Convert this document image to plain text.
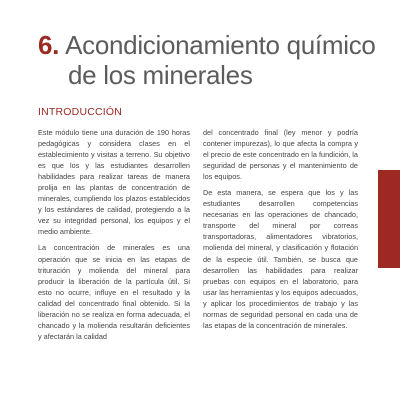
6. Acondicionamiento químico
de los minerales
INTRODUCCIÓN

Este módulo tiene una duración de 190 horas pedagógicas y considera clases en el establecimiento y visitas a terreno. Su objetivo es que los y las estudiantes desarrollen habilidades para realizar tareas de manera prolija en las plantas de concentración de minerales, cumpliendo los plazos establecidos y los estándares de calidad, protegiendo a la vez su integridad personal, los equipos y el medio ambiente.

La concentración de minerales es una operación que se inicia en las etapas de trituración y molienda del mineral para producir la liberación de la partícula útil. Si esto no ocurre, influye en el resultado y la calidad del concentrado final obtenido. Si la liberación no se realiza en forma adecuada, el chancado y la molienda resultarán deficientes y afectarán la calidad

del concentrado final (ley menor y podría contener impurezas), lo que afecta la compra y el precio de este concentrado en la fundición, la seguridad de personas y el mantenimiento de los equipos.

De esta manera, se espera que los y las estudiantes desarrollen competencias necesarias en las operaciones de chancado, transporte del mineral por correas transportadoras, alimentadores vibratorios, molienda del mineral, y clasificación y flotación de la especie útil. También, se busca que desarrollen las habilidades para realizar pruebas con equipos en el laboratorio, para usar las herramientas y los equipos adecuados, y aplicar los procedimientos de trabajo y las normas de seguridad personal en cada una de las etapas de la concentración de minerales.
